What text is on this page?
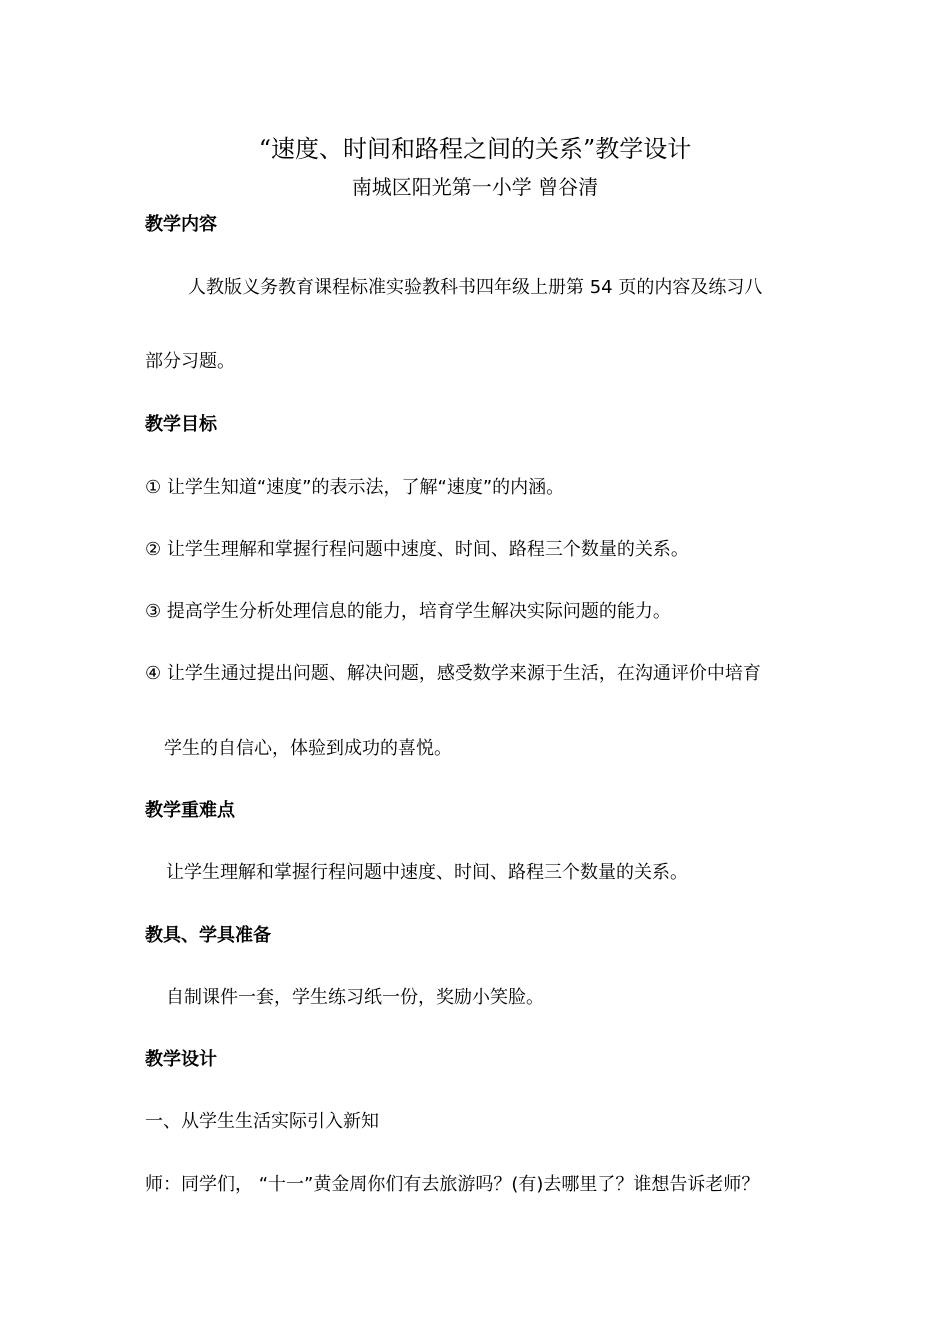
“速度、时间和路程之间的关系”教学设计
南城区阳光第一小学 曾谷清
教学内容
人教版义务教育课程标准实验教科书四年级上册第 54 页的内容及练习八
部分习题。
教学目标
① 让学生知道“速度”的表示法，了解“速度”的内涵。
② 让学生理解和掌握行程问题中速度、时间、路程三个数量的关系。
③ 提高学生分析处理信息的能力，培育学生解决实际问题的能力。
④ 让学生通过提出问题、解决问题，感受数学来源于生活，在沟通评价中培育
学生的自信心，体验到成功的喜悦。
教学重难点
让学生理解和掌握行程问题中速度、时间、路程三个数量的关系。
教具、学具准备
自制课件一套，学生练习纸一份，奖励小笑脸。
教学设计
一、从学生生活实际引入新知
师：同学们， “十一”黄金周你们有去旅游吗？(有)去哪里了？谁想告诉老师？
